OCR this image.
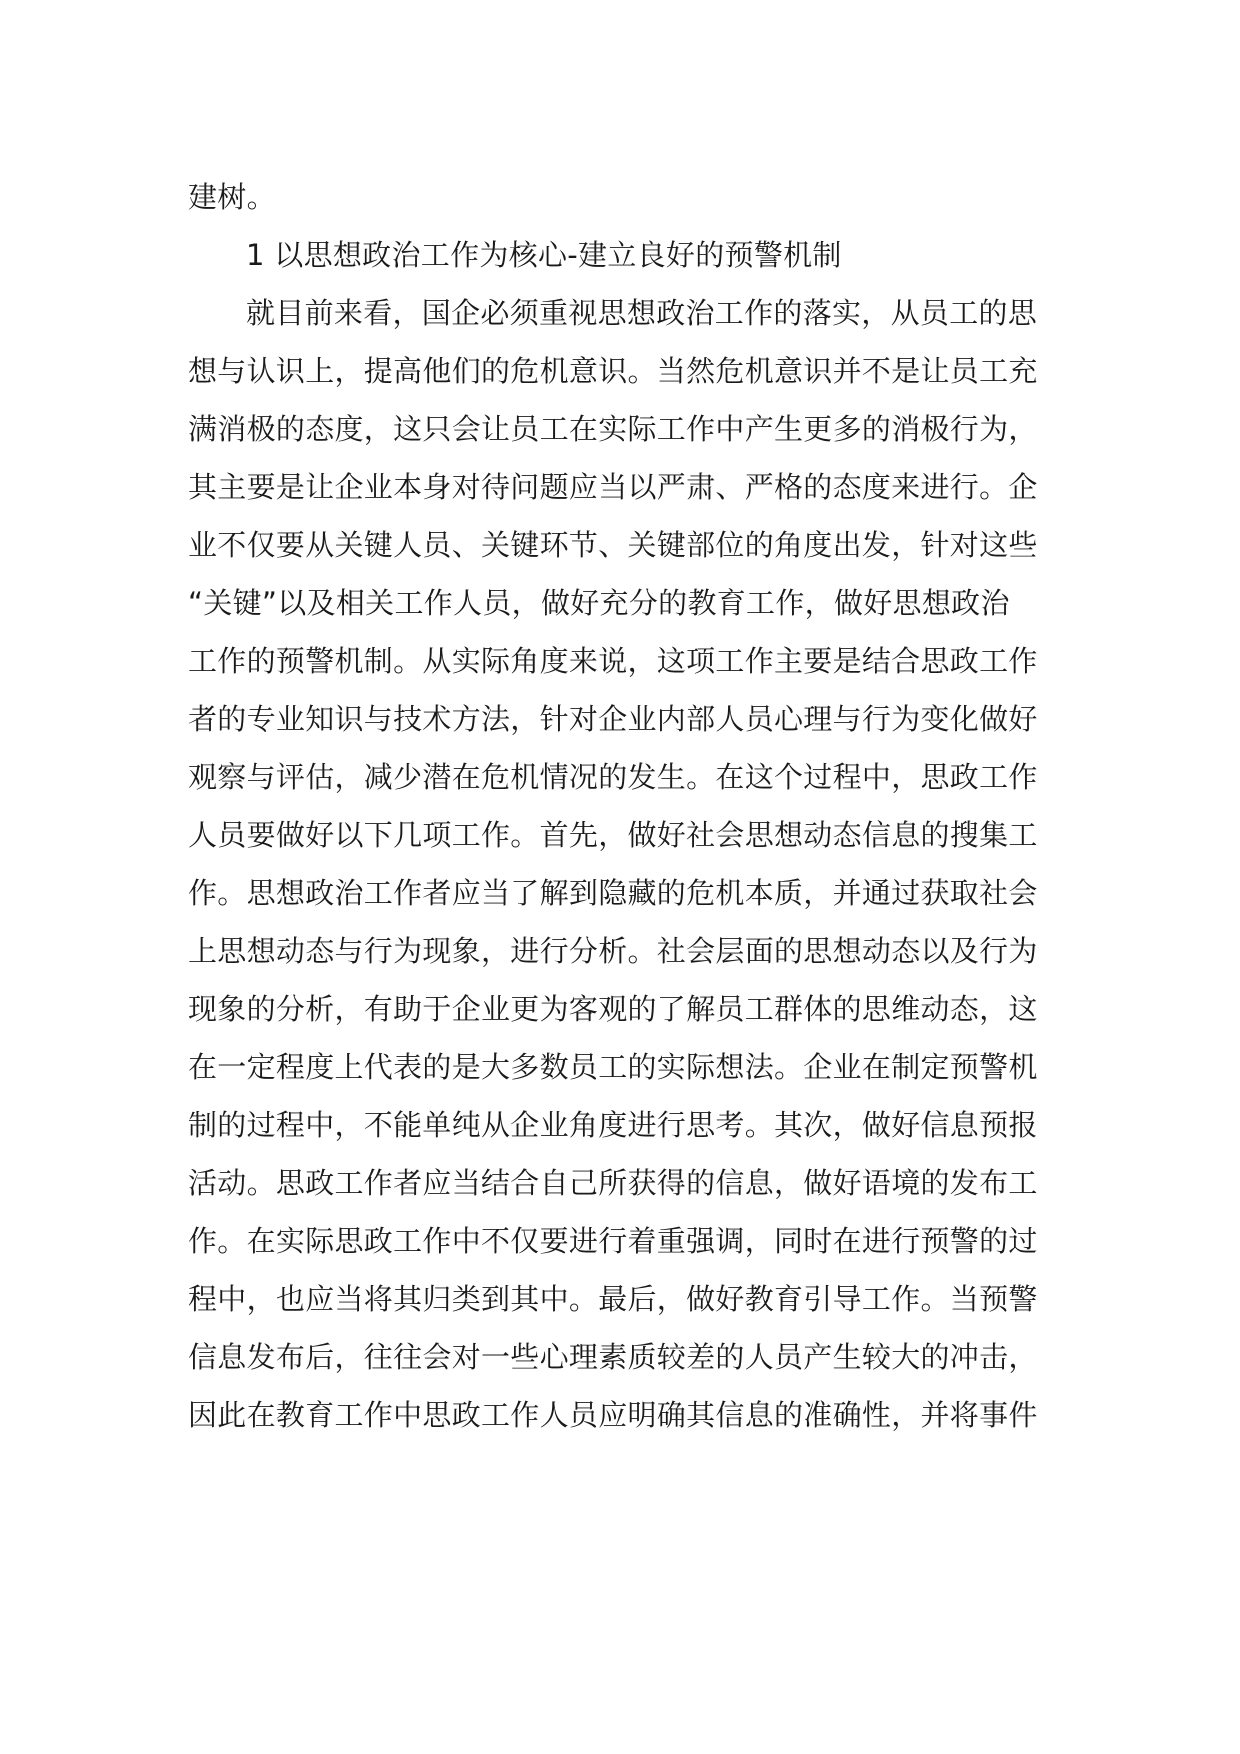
建树。
1 以思想政治工作为核心-建立良好的预警机制
就目前来看，国企必须重视思想政治工作的落实，从员工的思
想与认识上，提高他们的危机意识。当然危机意识并不是让员工充
满消极的态度，这只会让员工在实际工作中产生更多的消极行为，
其主要是让企业本身对待问题应当以严肃、严格的态度来进行。企
业不仅要从关键人员、关键环节、关键部位的角度出发，针对这些
“关键”以及相关工作人员，做好充分的教育工作，做好思想政治
工作的预警机制。从实际角度来说，这项工作主要是结合思政工作
者的专业知识与技术方法，针对企业内部人员心理与行为变化做好
观察与评估，减少潜在危机情况的发生。在这个过程中，思政工作
人员要做好以下几项工作。首先，做好社会思想动态信息的搜集工
作。思想政治工作者应当了解到隐藏的危机本质，并通过获取社会
上思想动态与行为现象，进行分析。社会层面的思想动态以及行为
现象的分析，有助于企业更为客观的了解员工群体的思维动态，这
在一定程度上代表的是大多数员工的实际想法。企业在制定预警机
制的过程中，不能单纯从企业角度进行思考。其次，做好信息预报
活动。思政工作者应当结合自己所获得的信息，做好语境的发布工
作。在实际思政工作中不仅要进行着重强调，同时在进行预警的过
程中，也应当将其归类到其中。最后，做好教育引导工作。当预警
信息发布后，往往会对一些心理素质较差的人员产生较大的冲击，
因此在教育工作中思政工作人员应明确其信息的准确性，并将事件
